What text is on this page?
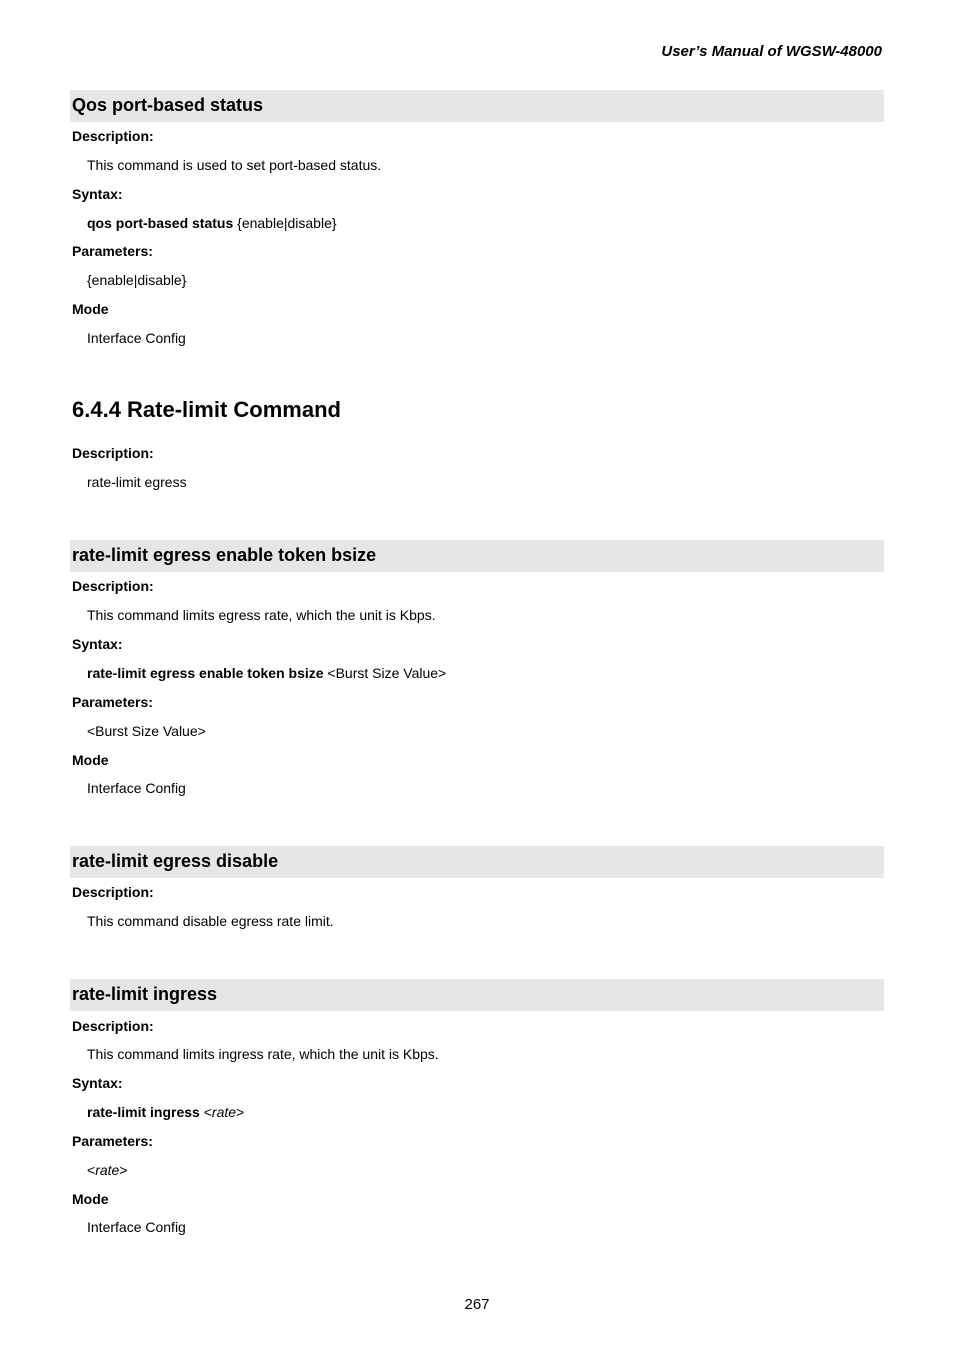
User’s Manual of WGSW-48000
Qos port-based status
Description:
This command is used to set port-based status.
Syntax:
qos port-based status {enable|disable}
Parameters:
{enable|disable}
Mode
Interface Config
6.4.4 Rate-limit Command
Description:
rate-limit egress
rate-limit egress enable token bsize
Description:
This command limits egress rate, which the unit is Kbps.
Syntax:
rate-limit egress enable token bsize <Burst Size Value>
Parameters:
<Burst Size Value>
Mode
Interface Config
rate-limit egress disable
Description:
This command disable egress rate limit.
rate-limit ingress
Description:
This command limits ingress rate, which the unit is Kbps.
Syntax:
rate-limit ingress <rate>
Parameters:
<rate>
Mode
Interface Config
267
